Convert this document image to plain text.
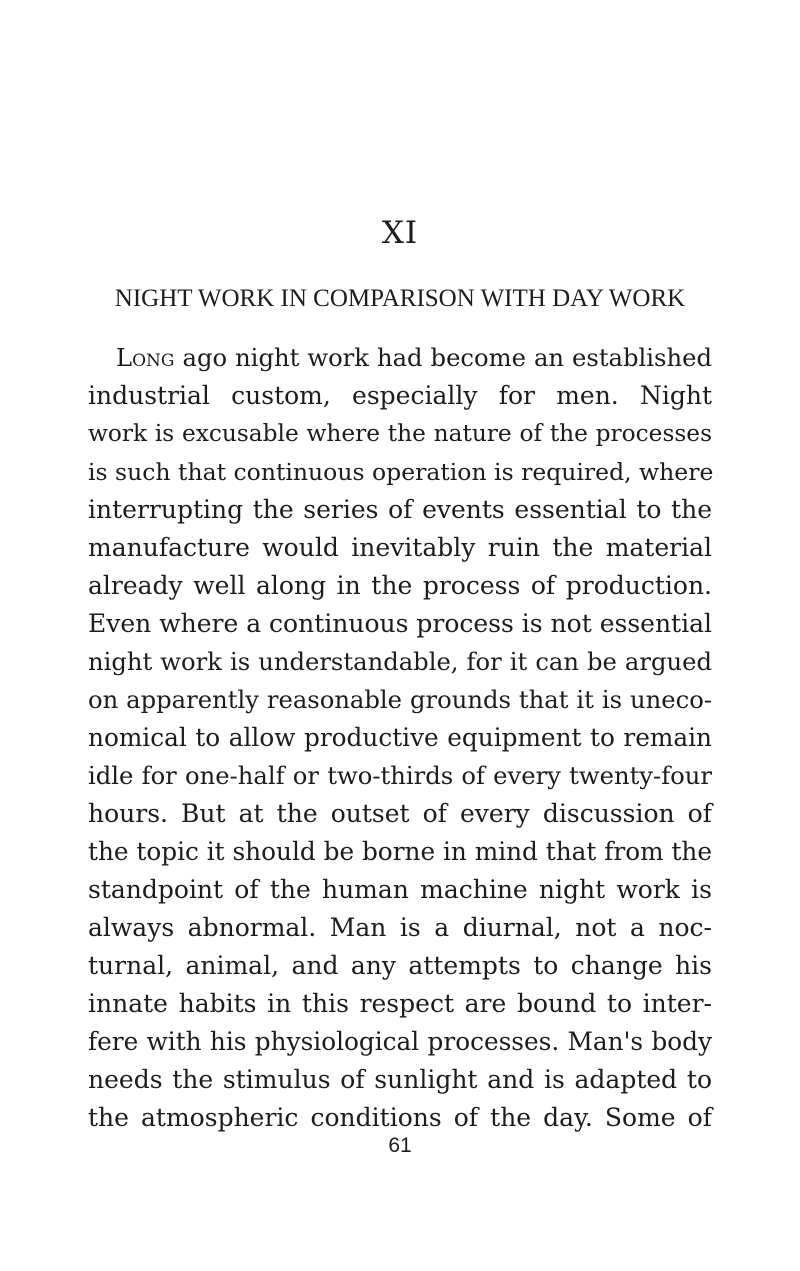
XI
NIGHT WORK IN COMPARISON WITH DAY WORK
Long ago night work had become an established
industrial custom, especially for men. Night
work is excusable where the nature of the processes
is such that continuous operation is required, where
interrupting the series of events essential to the
manufacture would inevitably ruin the material
already well along in the process of production.
Even where a continuous process is not essential
night work is understandable, for it can be argued
on apparently reasonable grounds that it is uneco-
nomical to allow productive equipment to remain
idle for one-half or two-thirds of every twenty-four
hours. But at the outset of every discussion of
the topic it should be borne in mind that from the
standpoint of the human machine night work is
always abnormal. Man is a diurnal, not a noc-
turnal, animal, and any attempts to change his
innate habits in this respect are bound to inter-
fere with his physiological processes. Man's body
needs the stimulus of sunlight and is adapted to
the atmospheric conditions of the day. Some of
61
